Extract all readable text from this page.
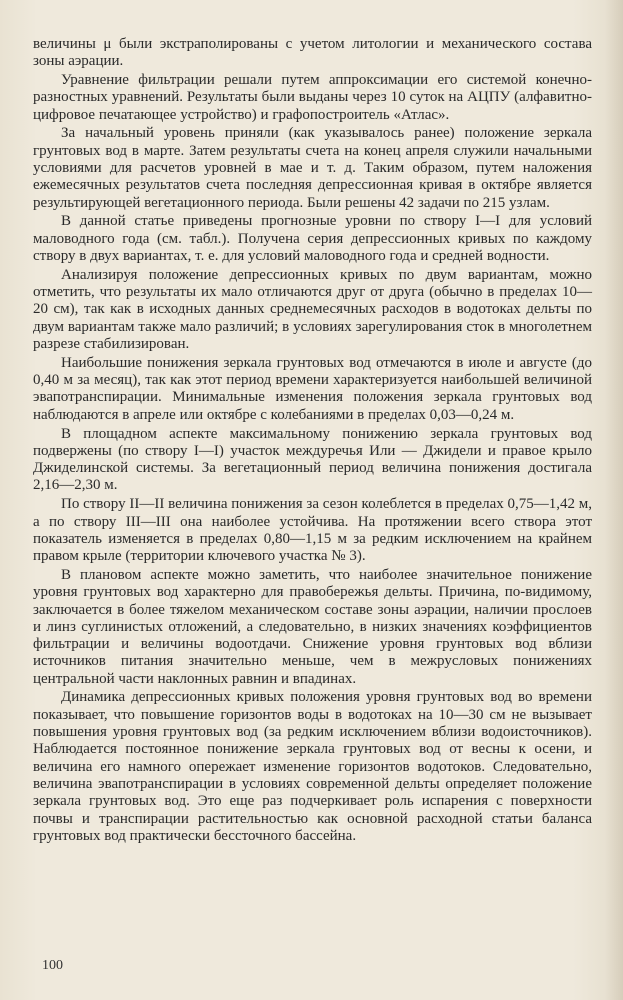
величины μ были экстраполированы с учетом литологии и механического состава зоны аэрации.

Уравнение фильтрации решали путем аппроксимации его системой конечно-разностных уравнений. Результаты были выданы через 10 суток на АЦПУ (алфавитно-цифровое печатающее устройство) и графопостроитель «Атлас».

За начальный уровень приняли (как указывалось ранее) положение зеркала грунтовых вод в марте. Затем результаты счета на конец апреля служили начальными условиями для расчетов уровней в мае и т. д. Таким образом, путем наложения ежемесячных результатов счета последняя депрессионная кривая в октябре является результирующей вегетационного периода. Были решены 42 задачи по 215 узлам.

В данной статье приведены прогнозные уровни по створу I—I для условий маловодного года (см. табл.). Получена серия депрессионных кривых по каждому створу в двух вариантах, т. е. для условий маловодного года и средней водности.

Анализируя положение депрессионных кривых по двум вариантам, можно отметить, что результаты их мало отличаются друг от друга (обычно в пределах 10—20 см), так как в исходных данных среднемесячных расходов в водотоках дельты по двум вариантам также мало различий; в условиях зарегулирования сток в многолетнем разрезе стабилизирован.

Наибольшие понижения зеркала грунтовых вод отмечаются в июле и августе (до 0,40 м за месяц), так как этот период времени характеризуется наибольшей величиной эвапотранспирации. Минимальные изменения положения зеркала грунтовых вод наблюдаются в апреле или октябре с колебаниями в пределах 0,03—0,24 м.

В площадном аспекте максимальному понижению зеркала грунтовых вод подвержены (по створу I—I) участок междуречья Или — Джидели и правое крыло Джиделинской системы. За вегетационный период величина понижения достигала 2,16—2,30 м.

По створу II—II величина понижения за сезон колеблется в пределах 0,75—1,42 м, а по створу III—III она наиболее устойчива. На протяжении всего створа этот показатель изменяется в пределах 0,80—1,15 м за редким исключением на крайнем правом крыле (территории ключевого участка № 3).

В плановом аспекте можно заметить, что наиболее значительное понижение уровня грунтовых вод характерно для правобережья дельты. Причина, по-видимому, заключается в более тяжелом механическом составе зоны аэрации, наличии прослоев и линз суглинистых отложений, а следовательно, в низких значениях коэффициентов фильтрации и величины водоотдачи. Снижение уровня грунтовых вод вблизи источников питания значительно меньше, чем в межрусловых понижениях центральной части наклонных равнин и впадинах.

Динамика депрессионных кривых положения уровня грунтовых вод во времени показывает, что повышение горизонтов воды в водотоках на 10—30 см не вызывает повышения уровня грунтовых вод (за редким исключением вблизи водоисточников). Наблюдается постоянное понижение зеркала грунтовых вод от весны к осени, и величина его намного опережает изменение горизонтов водотоков. Следовательно, величина эвапотранспирации в условиях современной дельты определяет положение зеркала грунтовых вод. Это еще раз подчеркивает роль испарения с поверхности почвы и транспирации растительностью как основной расходной статьи баланса грунтовых вод практически бессточного бассейна.

100
